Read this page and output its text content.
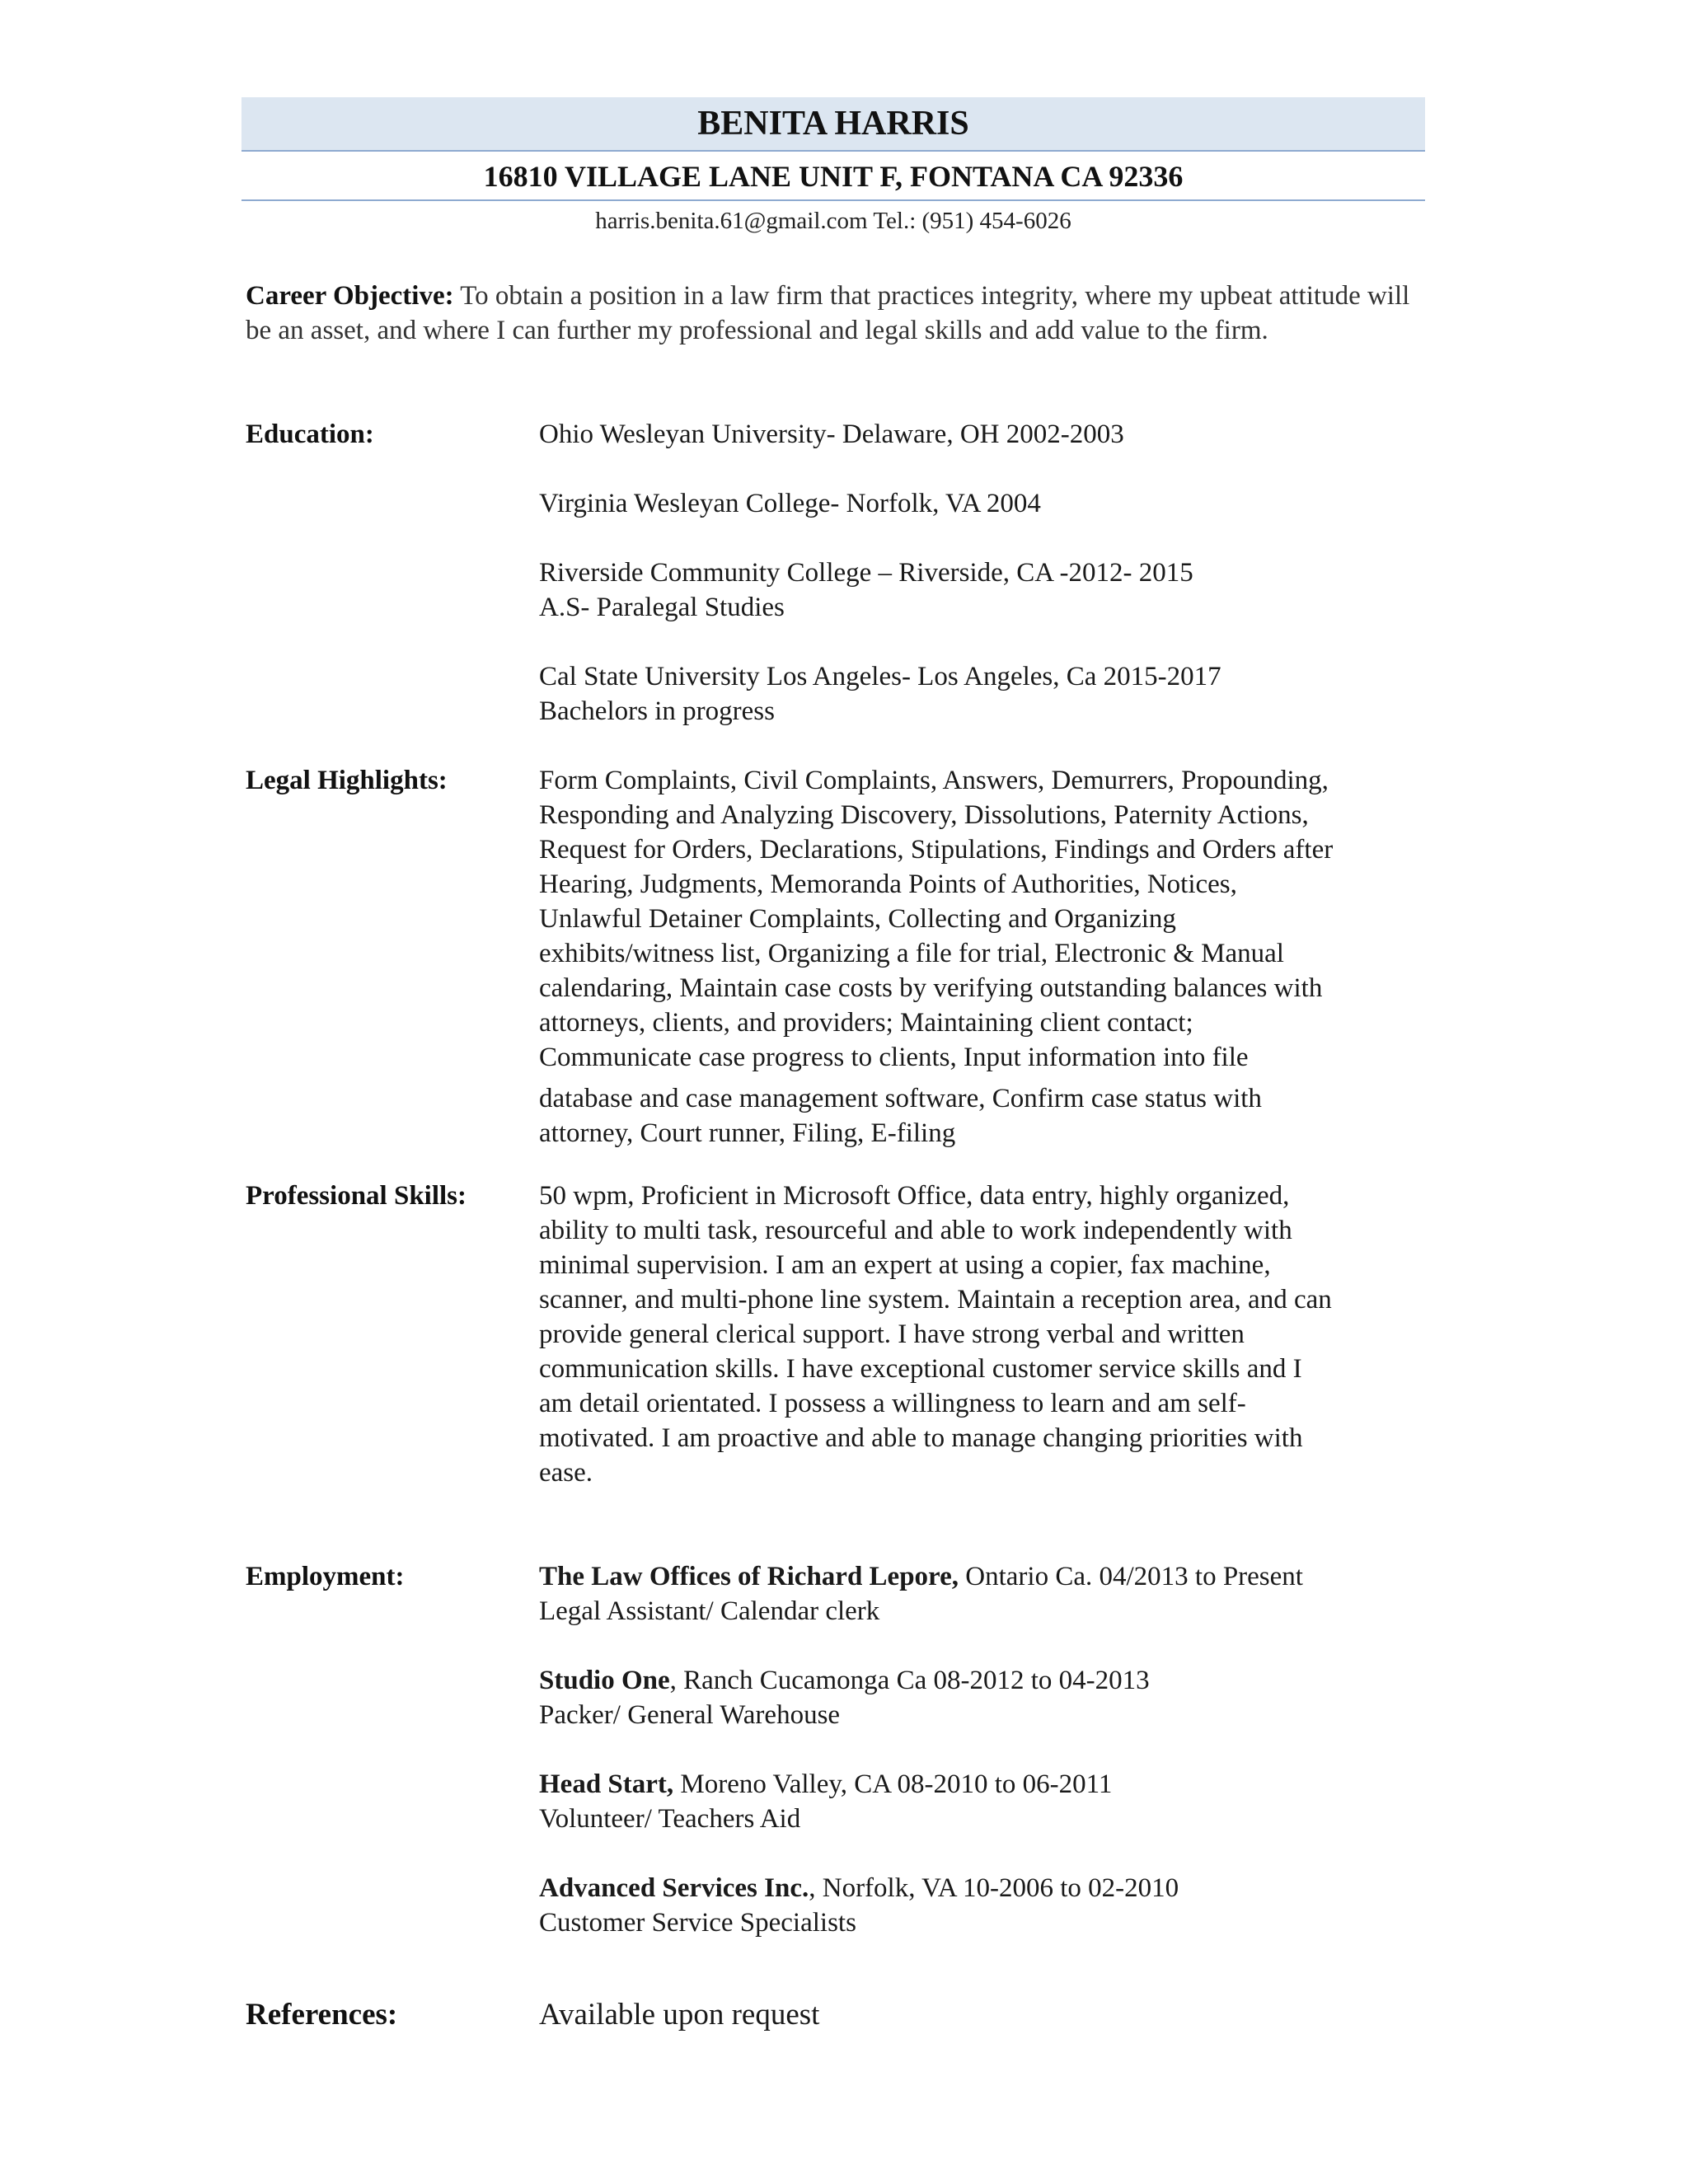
BENITA HARRIS
16810 VILLAGE LANE UNIT F, FONTANA CA 92336
harris.benita.61@gmail.com Tel.: (951) 454-6026
Career Objective: To obtain a position in a law firm that practices integrity, where my upbeat attitude will be an asset, and where I can further my professional and legal skills and add value to the firm.
Education:	Ohio Wesleyan University- Delaware, OH 2002-2003
Virginia Wesleyan College- Norfolk, VA 2004
Riverside Community College – Riverside, CA -2012- 2015
A.S- Paralegal Studies
Cal State University Los Angeles- Los Angeles, Ca 2015-2017
Bachelors in progress
Legal Highlights:	Form Complaints, Civil Complaints, Answers, Demurrers, Propounding,
Responding and Analyzing Discovery, Dissolutions, Paternity Actions,
Request for Orders, Declarations, Stipulations, Findings and Orders after
Hearing, Judgments, Memoranda Points of Authorities, Notices,
Unlawful Detainer Complaints, Collecting and Organizing
exhibits/witness list, Organizing a file for trial, Electronic & Manual
calendaring, Maintain case costs by verifying outstanding balances with
attorneys, clients, and providers; Maintaining client contact;
Communicate case progress to clients, Input information into file
database and case management software, Confirm case status with
attorney, Court runner, Filing, E-filing
Professional Skills:	50 wpm, Proficient in Microsoft Office, data entry, highly organized,
ability to multi task, resourceful and able to work independently with
minimal supervision. I am an expert at using a copier, fax machine,
scanner, and multi-phone line system. Maintain a reception area, and can
provide general clerical support. I have strong verbal and written
communication skills. I have exceptional customer service skills and I
am detail orientated. I possess a willingness to learn and am self-
motivated. I am proactive and able to manage changing priorities with
ease.
Employment:	The Law Offices of Richard Lepore, Ontario Ca. 04/2013 to Present
Legal Assistant/ Calendar clerk
Studio One, Ranch Cucamonga Ca 08-2012 to 04-2013
Packer/ General Warehouse
Head Start, Moreno Valley, CA 08-2010 to 06-2011
Volunteer/ Teachers Aid
Advanced Services Inc., Norfolk, VA 10-2006 to 02-2010
Customer Service Specialists
References:	Available upon request
